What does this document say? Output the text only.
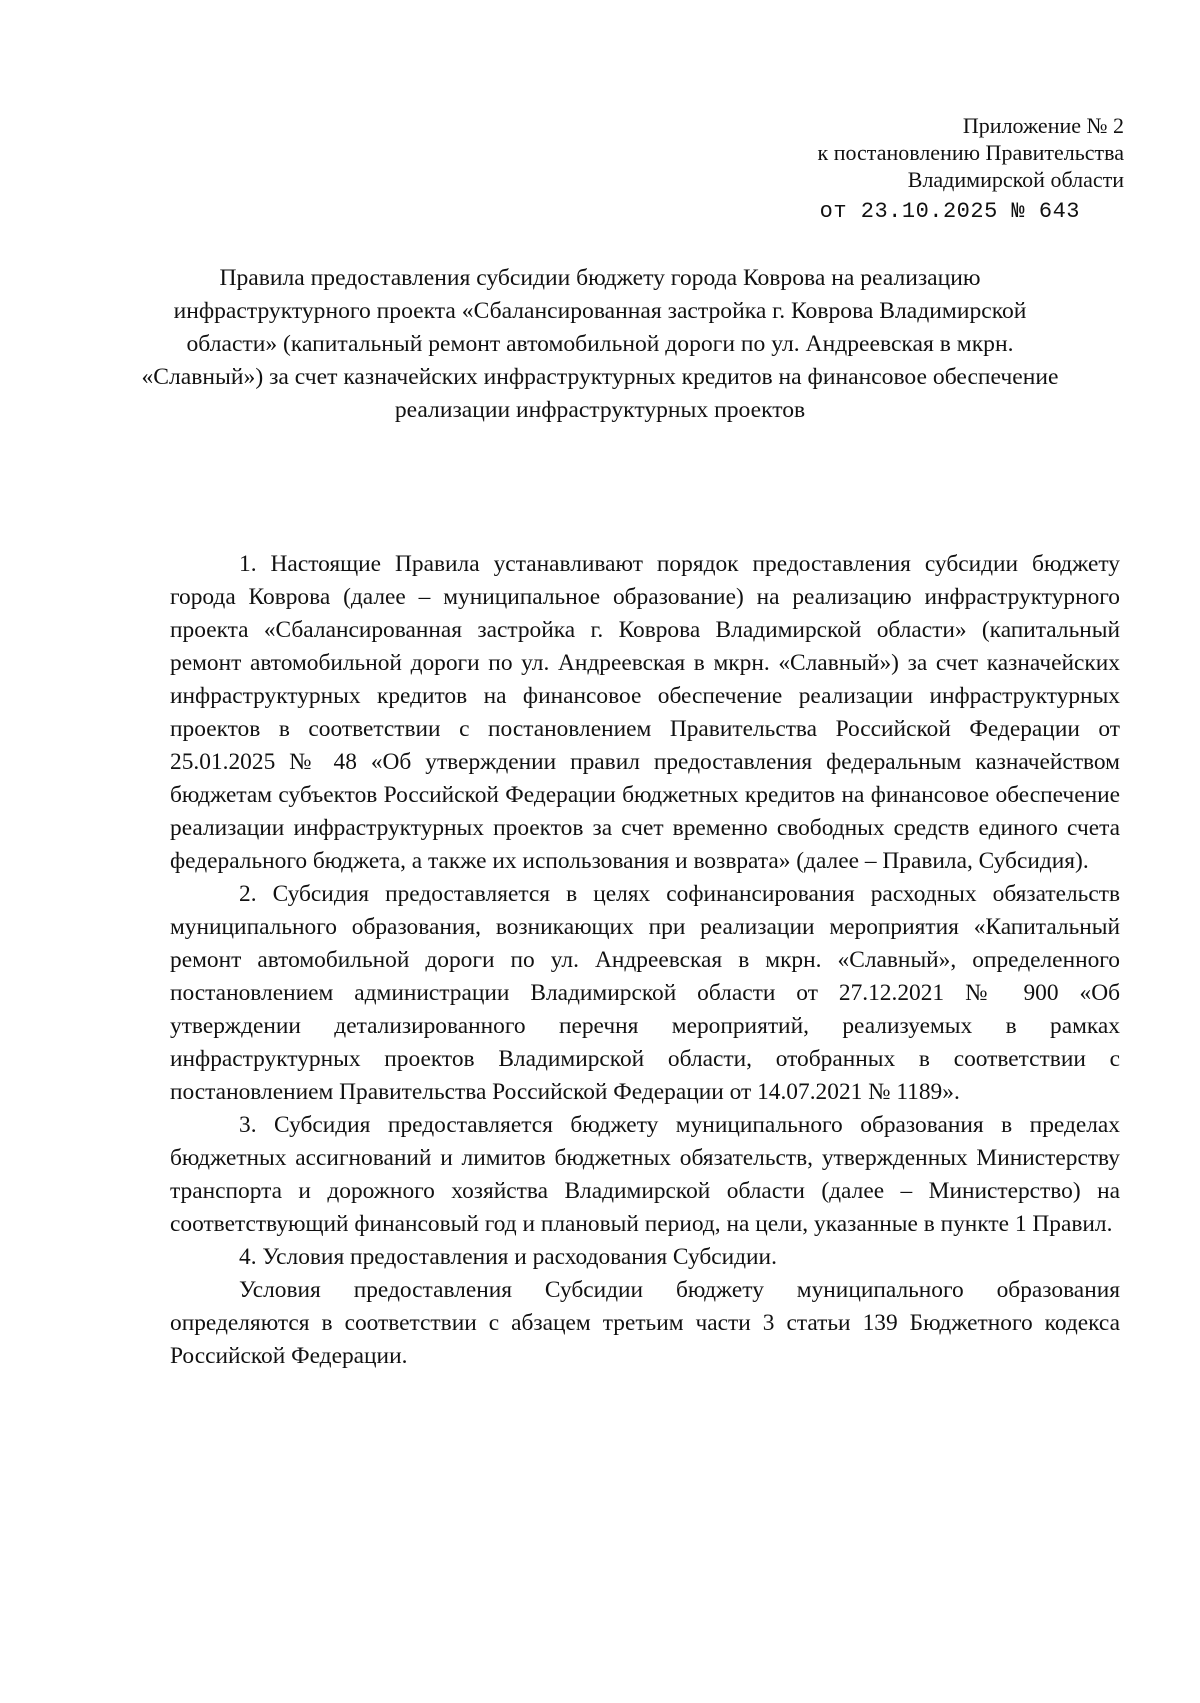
Приложение № 2
к постановлению Правительства
Владимирской области
от 23.10.2025 № 643
Правила предоставления субсидии бюджету города Коврова на реализацию инфраструктурного проекта «Сбалансированная застройка г. Коврова Владимирской области» (капитальный ремонт автомобильной дороги по ул. Андреевская в мкрн. «Славный») за счет казначейских инфраструктурных кредитов на финансовое обеспечение реализации инфраструктурных проектов

1. Настоящие Правила устанавливают порядок предоставления субсидии бюджету города Коврова (далее – муниципальное образование) на реализацию инфраструктурного проекта «Сбалансированная застройка г. Коврова Владимирской области» (капитальный ремонт автомобильной дороги по ул. Андреевская в мкрн. «Славный») за счет казначейских инфраструктурных кредитов на финансовое обеспечение реализации инфраструктурных проектов в соответствии с постановлением Правительства Российской Федерации от 25.01.2025 № 48 «Об утверждении правил предоставления федеральным казначейством бюджетам субъектов Российской Федерации бюджетных кредитов на финансовое обеспечение реализации инфраструктурных проектов за счет временно свободных средств единого счета федерального бюджета, а также их использования и возврата» (далее – Правила, Субсидия).

2. Субсидия предоставляется в целях софинансирования расходных обязательств муниципального образования, возникающих при реализации мероприятия «Капитальный ремонт автомобильной дороги по ул. Андреевская в мкрн. «Славный», определенного постановлением администрации Владимирской области от 27.12.2021 № 900 «Об утверждении детализированного перечня мероприятий, реализуемых в рамках инфраструктурных проектов Владимирской области, отобранных в соответствии с постановлением Правительства Российской Федерации от 14.07.2021 № 1189».

3. Субсидия предоставляется бюджету муниципального образования в пределах бюджетных ассигнований и лимитов бюджетных обязательств, утвержденных Министерству транспорта и дорожного хозяйства Владимирской области (далее – Министерство) на соответствующий финансовый год и плановый период, на цели, указанные в пункте 1 Правил.

4. Условия предоставления и расходования Субсидии.

Условия предоставления Субсидии бюджету муниципального образования определяются в соответствии с абзацем третьим части 3 статьи 139 Бюджетного кодекса Российской Федерации.
